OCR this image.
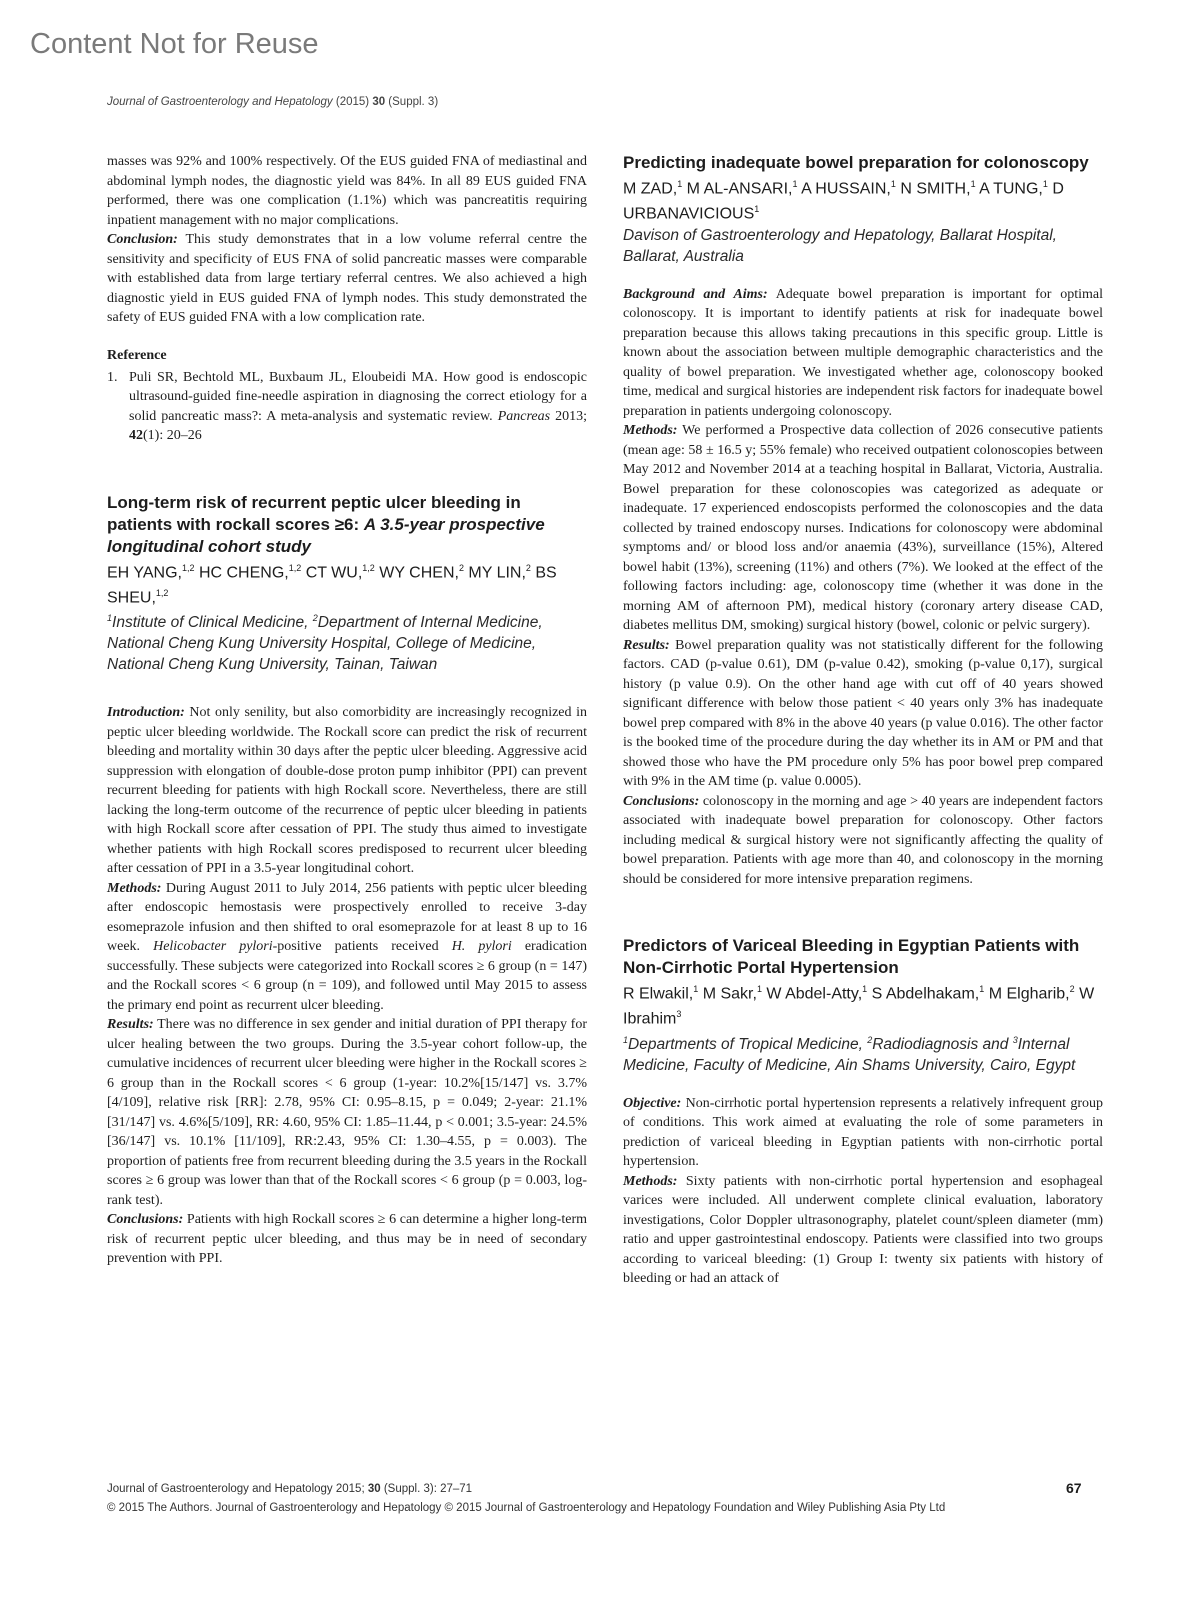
Content Not for Reuse
Journal of Gastroenterology and Hepatology (2015) 30 (Suppl. 3)

masses was 92% and 100% respectively. Of the EUS guided FNA of mediastinal and abdominal lymph nodes, the diagnostic yield was 84%. In all 89 EUS guided FNA performed, there was one complication (1.1%) which was pancreatitis requiring inpatient management with no major complications.

Conclusion: This study demonstrates that in a low volume referral centre the sensitivity and specificity of EUS FNA of solid pancreatic masses were comparable with established data from large tertiary referral centres. We also achieved a high diagnostic yield in EUS guided FNA of lymph nodes. This study demonstrated the safety of EUS guided FNA with a low complication rate.

Reference
1. Puli SR, Bechtold ML, Buxbaum JL, Eloubeidi MA. How good is endoscopic ultrasound-guided fine-needle aspiration in diagnosing the correct etiology for a solid pancreatic mass?: A meta-analysis and systematic review. Pancreas 2013; 42(1): 20–26
Long-term risk of recurrent peptic ulcer bleeding in patients with rockall scores ≥6: A 3.5-year prospective longitudinal cohort study
EH YANG,$^{1,2}$ HC CHENG,$^{1,2}$ CT WU,$^{1,2}$ WY CHEN,$^2$ MY LIN,$^2$ BS SHEU,$^{1,2}$
$^1$Institute of Clinical Medicine, $^2$Department of Internal Medicine, National Cheng Kung University Hospital, College of Medicine, National Cheng Kung University, Tainan, Taiwan

Introduction: Not only senility, but also comorbidity are increasingly recognized in peptic ulcer bleeding worldwide. The Rockall score can predict the risk of recurrent bleeding and mortality within 30 days after the peptic ulcer bleeding. Aggressive acid suppression with elongation of double-dose proton pump inhibitor (PPI) can prevent recurrent bleeding for patients with high Rockall score. Nevertheless, there are still lacking the long-term outcome of the recurrence of peptic ulcer bleeding in patients with high Rockall score after cessation of PPI. The study thus aimed to investigate whether patients with high Rockall scores predisposed to recurrent ulcer bleeding after cessation of PPI in a 3.5-year longitudinal cohort.

Methods: During August 2011 to July 2014, 256 patients with peptic ulcer bleeding after endoscopic hemostasis were prospectively enrolled to receive 3-day esomeprazole infusion and then shifted to oral esomeprazole for at least 8 up to 16 week. Helicobacter pylori-positive patients received H. pylori eradication successfully. These subjects were categorized into Rockall scores ≥ 6 group (n = 147) and the Rockall scores < 6 group (n = 109), and followed until May 2015 to assess the primary end point as recurrent ulcer bleeding.

Results: There was no difference in sex gender and initial duration of PPI therapy for ulcer healing between the two groups. During the 3.5-year cohort follow-up, the cumulative incidences of recurrent ulcer bleeding were higher in the Rockall scores ≥ 6 group than in the Rockall scores < 6 group (1-year: 10.2%[15/147] vs. 3.7%[4/109], relative risk [RR]: 2.78, 95% CI: 0.95–8.15, p = 0.049; 2-year: 21.1% [31/147] vs. 4.6%[5/109], RR: 4.60, 95% CI: 1.85–11.44, p < 0.001; 3.5-year: 24.5% [36/147] vs. 10.1% [11/109], RR:2.43, 95% CI: 1.30–4.55, p = 0.003). The proportion of patients free from recurrent bleeding during the 3.5 years in the Rockall scores ≥ 6 group was lower than that of the Rockall scores < 6 group (p = 0.003, log-rank test).

Conclusions: Patients with high Rockall scores ≥ 6 can determine a higher long-term risk of recurrent peptic ulcer bleeding, and thus may be in need of secondary prevention with PPI.

Predicting inadequate bowel preparation for colonoscopy
M ZAD,$^1$ M AL-ANSARI,$^1$ A HUSSAIN,$^1$ N SMITH,$^1$ A TUNG,$^1$ D URBANAVICIOUS$^1$
Davison of Gastroenterology and Hepatology, Ballarat Hospital, Ballarat, Australia

Background and Aims: Adequate bowel preparation is important for optimal colonoscopy. It is important to identify patients at risk for inadequate bowel preparation because this allows taking precautions in this specific group. Little is known about the association between multiple demographic characteristics and the quality of bowel preparation. We investigated whether age, colonoscopy booked time, medical and surgical histories are independent risk factors for inadequate bowel preparation in patients undergoing colonoscopy.

Methods: We performed a Prospective data collection of 2026 consecutive patients (mean age: 58 ± 16.5 y; 55% female) who received outpatient colonoscopies between May 2012 and November 2014 at a teaching hospital in Ballarat, Victoria, Australia. Bowel preparation for these colonoscopies was categorized as adequate or inadequate. 17 experienced endoscopists performed the colonoscopies and the data collected by trained endoscopy nurses. Indications for colonoscopy were abdominal symptoms and/ or blood loss and/or anaemia (43%), surveillance (15%), Altered bowel habit (13%), screening (11%) and others (7%). We looked at the effect of the following factors including: age, colonoscopy time (whether it was done in the morning AM of afternoon PM), medical history (coronary artery disease CAD, diabetes mellitus DM, smoking) surgical history (bowel, colonic or pelvic surgery).

Results: Bowel preparation quality was not statistically different for the following factors. CAD (p-value 0.61), DM (p-value 0.42), smoking (p-value 0,17), surgical history (p value 0.9). On the other hand age with cut off of 40 years showed significant difference with below those patient < 40 years only 3% has inadequate bowel prep compared with 8% in the above 40 years (p value 0.016). The other factor is the booked time of the procedure during the day whether its in AM or PM and that showed those who have the PM procedure only 5% has poor bowel prep compared with 9% in the AM time (p. value 0.0005).

Conclusions: colonoscopy in the morning and age > 40 years are independent factors associated with inadequate bowel preparation for colonoscopy. Other factors including medical & surgical history were not significantly affecting the quality of bowel preparation. Patients with age more than 40, and colonoscopy in the morning should be considered for more intensive preparation regimens.

Predictors of Variceal Bleeding in Egyptian Patients with Non-Cirrhotic Portal Hypertension
R Elwakil,$^1$ M Sakr,$^1$ W Abdel-Atty,$^1$ S Abdelhakam,$^1$ M Elgharib,$^2$ W Ibrahim$^3$
$^1$Departments of Tropical Medicine, $^2$Radiodiagnosis and $^3$Internal Medicine, Faculty of Medicine, Ain Shams University, Cairo, Egypt

Objective: Non-cirrhotic portal hypertension represents a relatively infrequent group of conditions. This work aimed at evaluating the role of some parameters in prediction of variceal bleeding in Egyptian patients with non-cirrhotic portal hypertension.

Methods: Sixty patients with non-cirrhotic portal hypertension and esophageal varices were included. All underwent complete clinical evaluation, laboratory investigations, Color Doppler ultrasonography, platelet count/spleen diameter (mm) ratio and upper gastrointestinal endoscopy. Patients were classified into two groups according to variceal bleeding: (1) Group I: twenty six patients with history of bleeding or had an attack of

Journal of Gastroenterology and Hepatology 2015; 30 (Suppl. 3): 27–71	67
© 2015 The Authors. Journal of Gastroenterology and Hepatology © 2015 Journal of Gastroenterology and Hepatology Foundation and Wiley Publishing Asia Pty Ltd
